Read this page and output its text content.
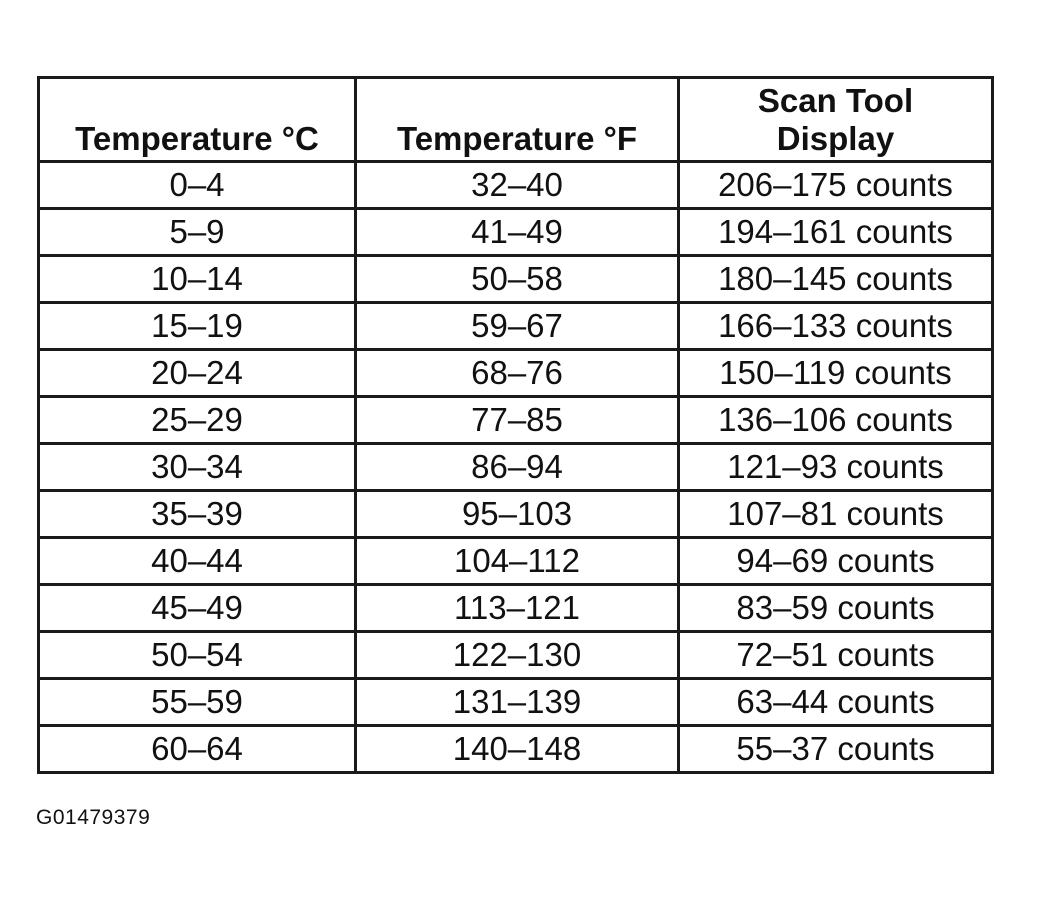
Temperature °C	Temperature °F	Scan Tool
Display

0–4	32–40	206–175 counts
5–9	41–49	194–161 counts
10–14	50–58	180–145 counts
15–19	59–67	166–133 counts
20–24	68–76	150–119 counts
25–29	77–85	136–106 counts
30–34	86–94	121–93 counts
35–39	95–103	107–81 counts
40–44	104–112	94–69 counts
45–49	113–121	83–59 counts
50–54	122–130	72–51 counts
55–59	131–139	63–44 counts
60–64	140–148	55–37 counts
G01479379
